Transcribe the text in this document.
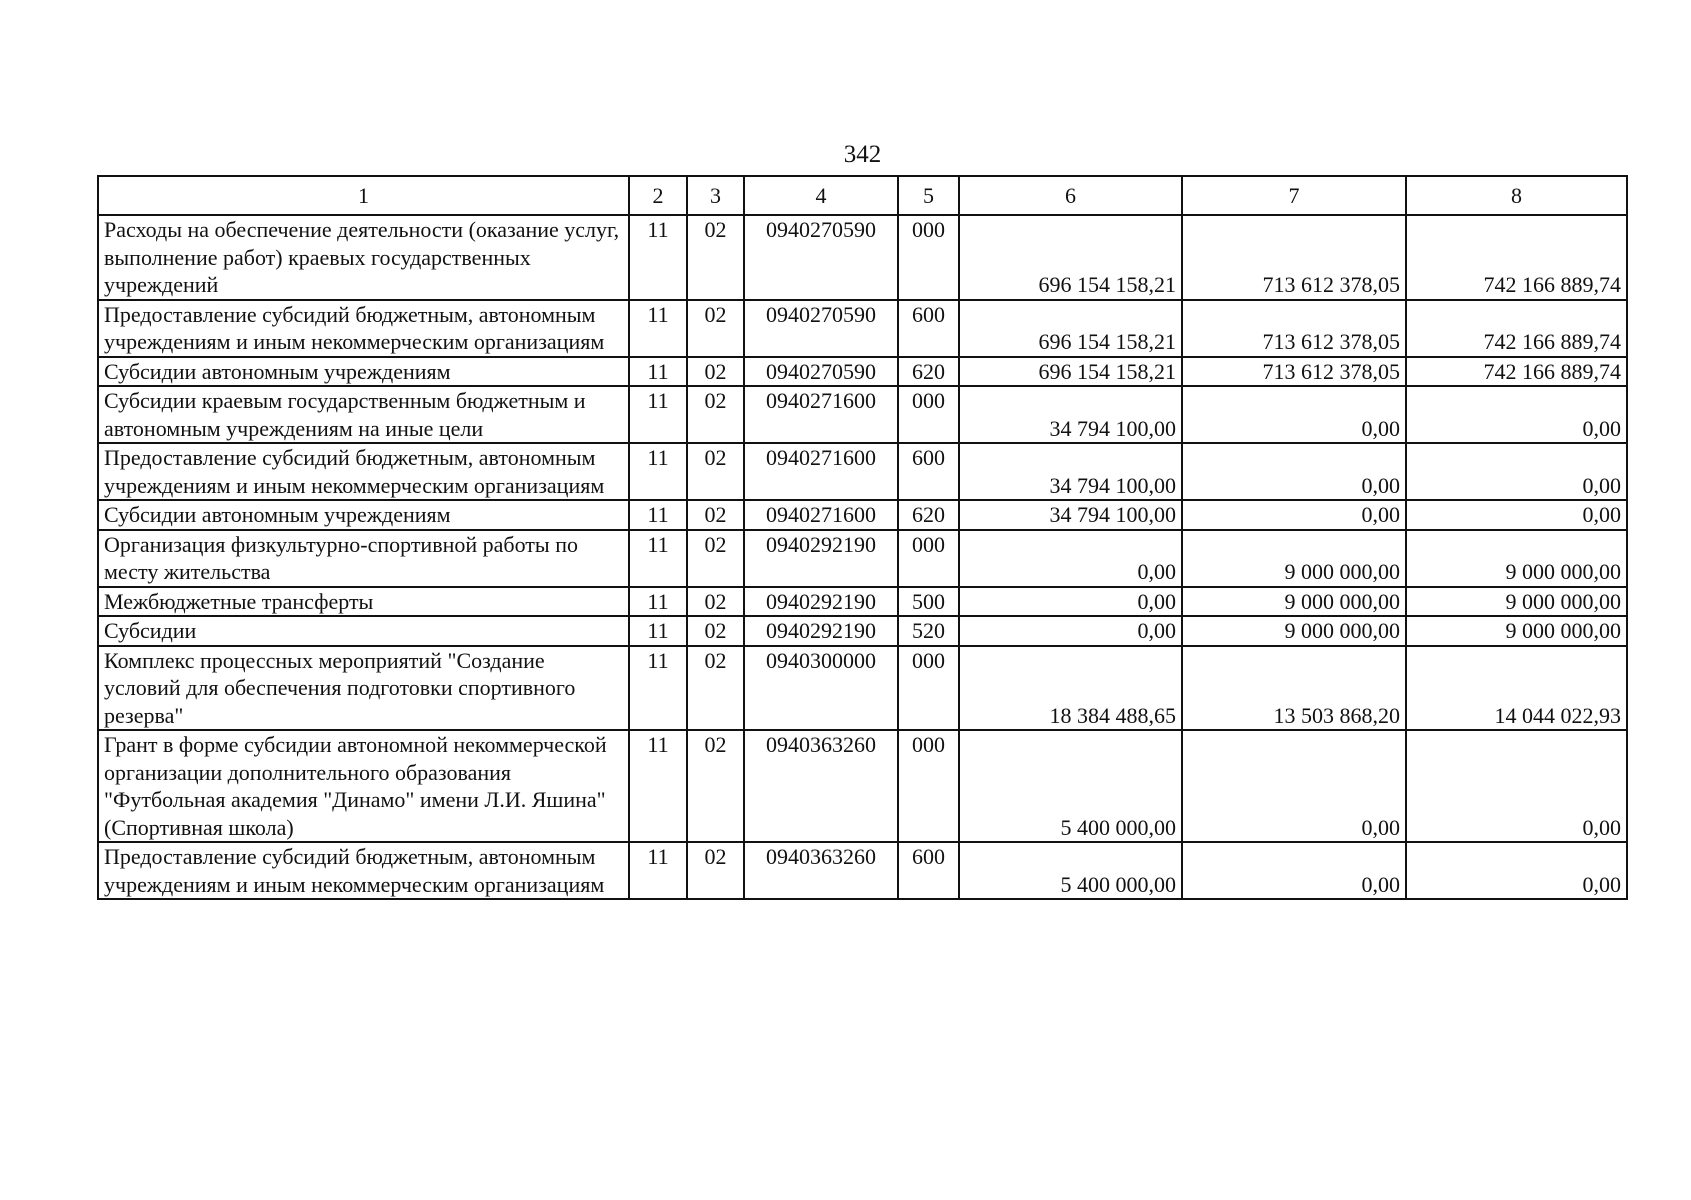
342
1	2	3	4	5	6	7	8
Расходы на обеспечение деятельности (оказание услуг, выполнение работ) краевых государственных учреждений	11	02	0940270590	000	696 154 158,21	713 612 378,05	742 166 889,74
Предоставление субсидий бюджетным, автономным учреждениям и иным некоммерческим организациям	11	02	0940270590	600	696 154 158,21	713 612 378,05	742 166 889,74
Субсидии автономным учреждениям	11	02	0940270590	620	696 154 158,21	713 612 378,05	742 166 889,74
Субсидии краевым государственным бюджетным и автономным учреждениям на иные цели	11	02	0940271600	000	34 794 100,00	0,00	0,00
Предоставление субсидий бюджетным, автономным учреждениям и иным некоммерческим организациям	11	02	0940271600	600	34 794 100,00	0,00	0,00
Субсидии автономным учреждениям	11	02	0940271600	620	34 794 100,00	0,00	0,00
Организация физкультурно-спортивной работы по месту жительства	11	02	0940292190	000	0,00	9 000 000,00	9 000 000,00
Межбюджетные трансферты	11	02	0940292190	500	0,00	9 000 000,00	9 000 000,00
Субсидии	11	02	0940292190	520	0,00	9 000 000,00	9 000 000,00
Комплекс процессных мероприятий "Создание условий для обеспечения подготовки спортивного резерва"	11	02	0940300000	000	18 384 488,65	13 503 868,20	14 044 022,93
Грант в форме субсидии автономной некоммерческой организации дополнительного образования "Футбольная академия "Динамо" имени Л.И. Яшина" (Спортивная школа)	11	02	0940363260	000	5 400 000,00	0,00	0,00
Предоставление субсидий бюджетным, автономным учреждениям и иным некоммерческим организациям	11	02	0940363260	600	5 400 000,00	0,00	0,00
